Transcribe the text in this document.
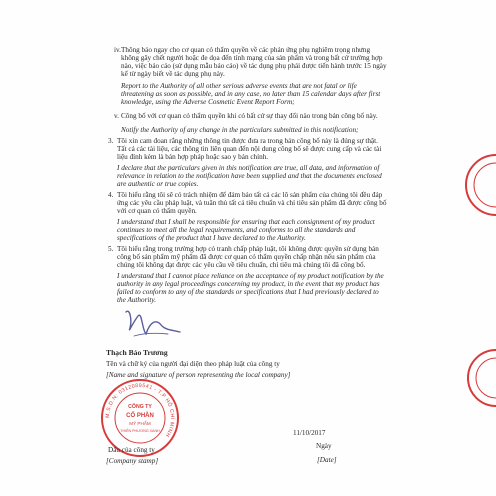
iv. Thông báo ngay cho cơ quan có thẩm quyền về các phản ứng phụ nghiêm trọng nhưng không gây chết người hoặc đe dọa đến tính mạng của sản phẩm và trong bất cứ trường hợp nào, việc báo cáo (sử dụng mẫu báo cáo) về tác dụng phụ phải được tiến hành trước 15 ngày kể từ ngày biết về tác dụng phụ này.
Report to the Authority of all other serious adverse events that are not fatal or life threatening as soon as possible, and in any case, no later than 15 calendar days after first knowledge, using the Adverse Cosmetic Event Report Form;
v. Công bố với cơ quan có thẩm quyền khi có bất cứ sự thay đổi nào trong bản công bố này.
Notify the Authority of any change in the particulars submitted in this notification;
3. Tôi xin cam đoan rằng những thông tin được đưa ra trong bản công bố này là đúng sự thật. Tất cả các tài liệu, các thông tin liên quan đến nội dung công bố sẽ được cung cấp và các tài liệu đính kèm là bản hợp pháp hoặc sao y bản chính.
I declare that the particulars given in this notification are true, all data, and information of relevance in relation to the notification have been supplied and that the documents enclosed are authentic or true copies.
4. Tôi hiểu rằng tôi sẽ có trách nhiệm để đảm bảo tất cả các lô sản phẩm của chúng tôi đều đáp ứng các yêu cầu pháp luật, và tuân thủ tất cả tiêu chuẩn và chỉ tiêu sản phẩm đã được công bố với cơ quan có thẩm quyền.
I understand that I shall be responsible for ensuring that each consignment of my product continues to meet all the legal requirements, and conforms to all the standards and specifications of the product that I have declared to the Authority.
5. Tôi hiểu rằng trong trường hợp có tranh chấp pháp luật, tôi không được quyền sử dụng bản công bố sản phẩm mỹ phẩm đã được cơ quan có thẩm quyền chấp nhận nếu sản phẩm của chúng tôi không đạt được các yêu cầu về tiêu chuẩn, chỉ tiêu mà chúng tôi đã công bố.
I understand that I cannot place reliance on the acceptance of my product notification by the authority in any legal proceedings concerning my product, in the event that my product has failed to conform to any of the standards or specifications that I had previously declared to the Authority.
Thạch Bảo Trương
Tên và chữ ký của người đại diện theo pháp luật của công ty
[Name and signature of person representing the local company]
M.S.D.N: 0312089541 - T.P HỒ CHÍ MINH
CÔNG TY
CỔ PHẦN
MỸ PHẨM
THIÊN PHƯƠNG XANH
Dấu của công ty
[Company stamp]
11/10/2017
Ngày
[Date]
